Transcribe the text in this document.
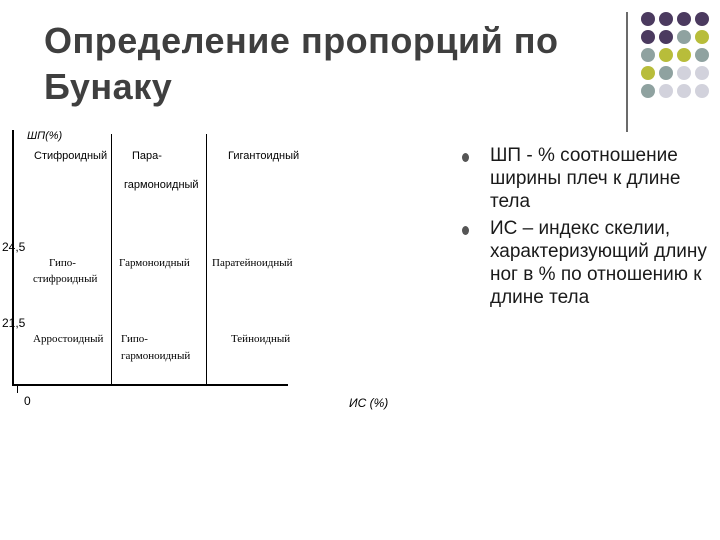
Определение пропорций по
Бунаку
ШП(%)
Стифроидный Пара-
гармоноидный
Гигантоидный
24,5
Гипо-
стифроидный
Гармоноидный Паратейноидный
21,5
Арростоидный Гипо-
гармоноидный
Тейноидный
0	ИС (%)
ШП - % соотношение ширины плеч к длине тела
ИС – индекс скелии, характеризующий длину ног в % по отношению к длине тела
